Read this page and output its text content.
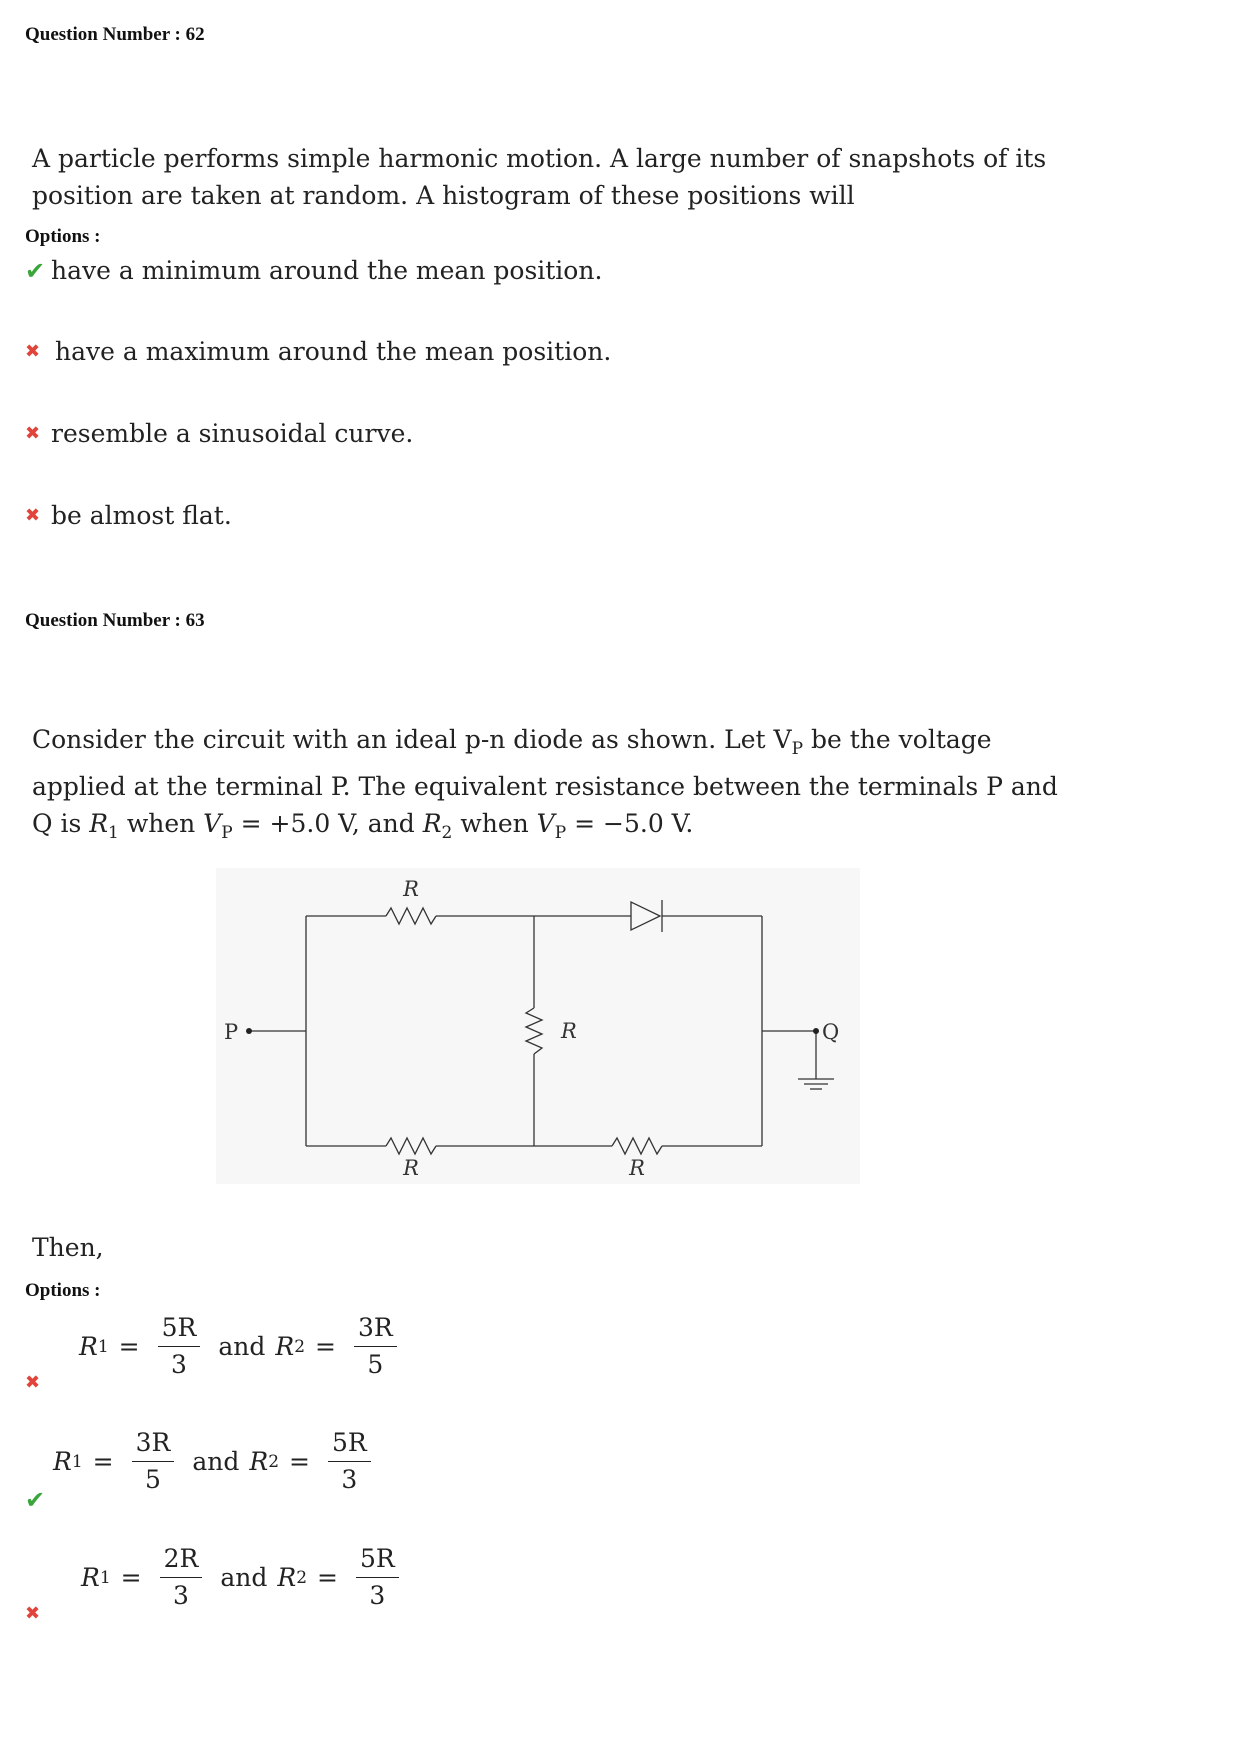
Question Number : 62
A particle performs simple harmonic motion. A large number of snapshots of its
position are taken at random. A histogram of these positions will
Options :
✔ have a minimum around the mean position.
✖ have a maximum around the mean position.
✖ resemble a sinusoidal curve.
✖ be almost flat.
Question Number : 63
Consider the circuit with an ideal p-n diode as shown. Let $V_P$ be the voltage
applied at the terminal P. The equivalent resistance between the terminals P and
Q is $R_1$ when $V_P = +5.0$ V, and $R_2$ when $V_P = -5.0$ V.
R
R
R	R
P	Q
Then,
Options :
✖
R $1 = \frac{5R}{3}$ and R $2 = \frac{3R}{5}$
✔
R $1 = \frac{3R}{5}$ and R $2 = \frac{5R}{3}$
✖
R $1 = \frac{2R}{3}$ and R $2 = \frac{5R}{3}$
